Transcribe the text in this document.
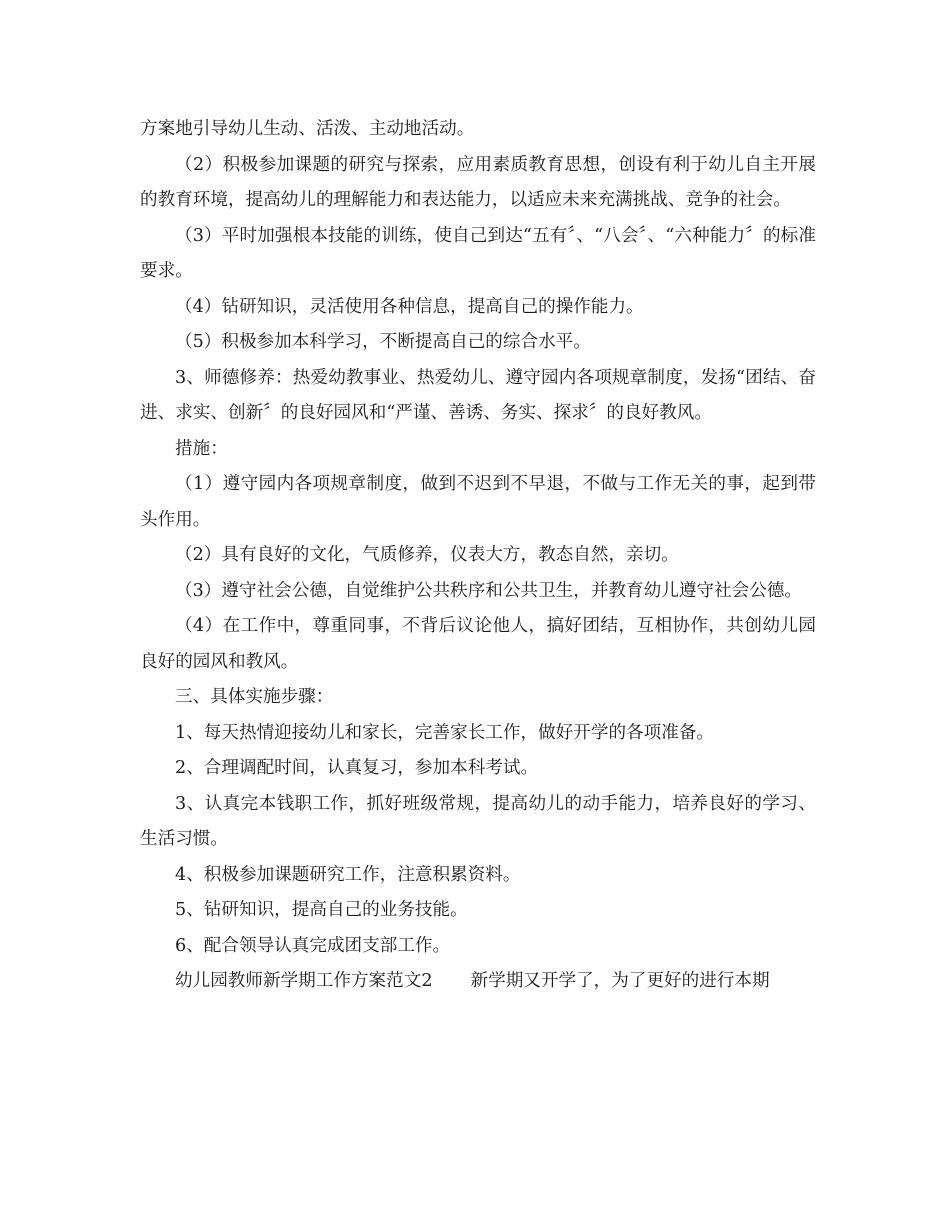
方案地引导幼儿生动、活泼、主动地活动。

（2）积极参加课题的研究与探索，应用素质教育思想，创设有利于幼儿自主开展的教育环境，提高幼儿的理解能力和表达能力，以适应未来充满挑战、竞争的社会。

（3）平时加强根本技能的训练，使自己到达“五有〞、“八会〞、“六种能力〞的标准要求。

（4）钻研知识，灵活使用各种信息，提高自己的操作能力。

（5）积极参加本科学习，不断提高自己的综合水平。

3、师德修养：热爱幼教事业、热爱幼儿、遵守园内各项规章制度，发扬“团结、奋进、求实、创新〞的良好园风和“严谨、善诱、务实、探求〞的良好教风。

措施：

（1）遵守园内各项规章制度，做到不迟到不早退，不做与工作无关的事，起到带头作用。

（2）具有良好的文化，气质修养，仪表大方，教态自然，亲切。

（3）遵守社会公德，自觉维护公共秩序和公共卫生，并教育幼儿遵守社会公德。

（4）在工作中，尊重同事，不背后议论他人，搞好团结，互相协作，共创幼儿园良好的园风和教风。

三、具体实施步骤：

1、每天热情迎接幼儿和家长，完善家长工作，做好开学的各项准备。

2、合理调配时间，认真复习，参加本科考试。

3、认真完本钱职工作，抓好班级常规，提高幼儿的动手能力，培养良好的学习、生活习惯。

4、积极参加课题研究工作，注意积累资料。

5、钻研知识，提高自己的业务技能。

6、配合领导认真完成团支部工作。

幼儿园教师新学期工作方案范文2 新学期又开学了，为了更好的进行本期
